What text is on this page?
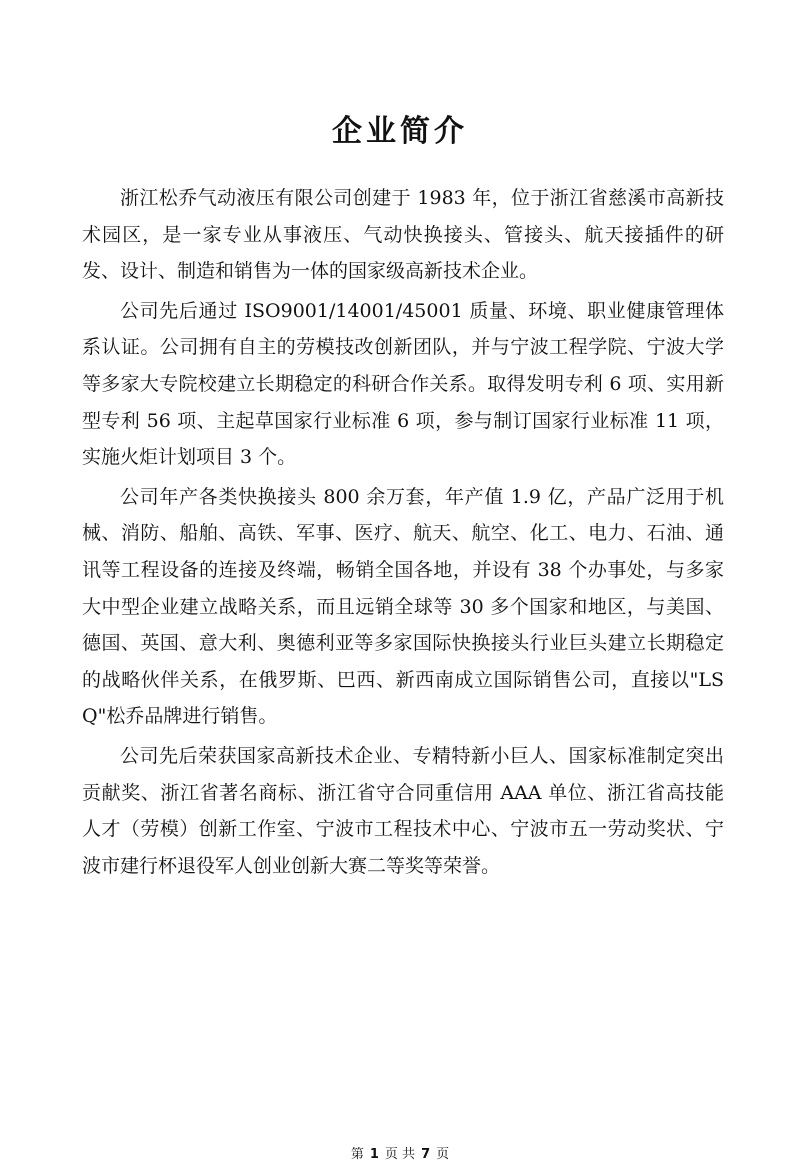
企业简介

浙江松乔气动液压有限公司创建于 1983 年，位于浙江省慈溪市高新技术园区，是一家专业从事液压、气动快换接头、管接头、航天接插件的研发、设计、制造和销售为一体的国家级高新技术企业。

公司先后通过 ISO9001/14001/45001 质量、环境、职业健康管理体系认证。公司拥有自主的劳模技改创新团队，并与宁波工程学院、宁波大学等多家大专院校建立长期稳定的科研合作关系。取得发明专利 6 项、实用新型专利 56 项、主起草国家行业标准 6 项，参与制订国家行业标准 11 项，实施火炬计划项目 3 个。

公司年产各类快换接头 800 余万套，年产值 1.9 亿，产品广泛用于机械、消防、船舶、高铁、军事、医疗、航天、航空、化工、电力、石油、通讯等工程设备的连接及终端，畅销全国各地，并设有 38 个办事处，与多家大中型企业建立战略关系，而且远销全球等 30 多个国家和地区，与美国、德国、英国、意大利、奥德利亚等多家国际快换接头行业巨头建立长期稳定的战略伙伴关系，在俄罗斯、巴西、新西南成立国际销售公司，直接以"LSQ"松乔品牌进行销售。

公司先后荣获国家高新技术企业、专精特新小巨人、国家标准制定突出贡献奖、浙江省著名商标、浙江省守合同重信用 AAA 单位、浙江省高技能人才（劳模）创新工作室、宁波市工程技术中心、宁波市五一劳动奖状、宁波市建行杯退役军人创业创新大赛二等奖等荣誉。

第 1 页 共 7 页
